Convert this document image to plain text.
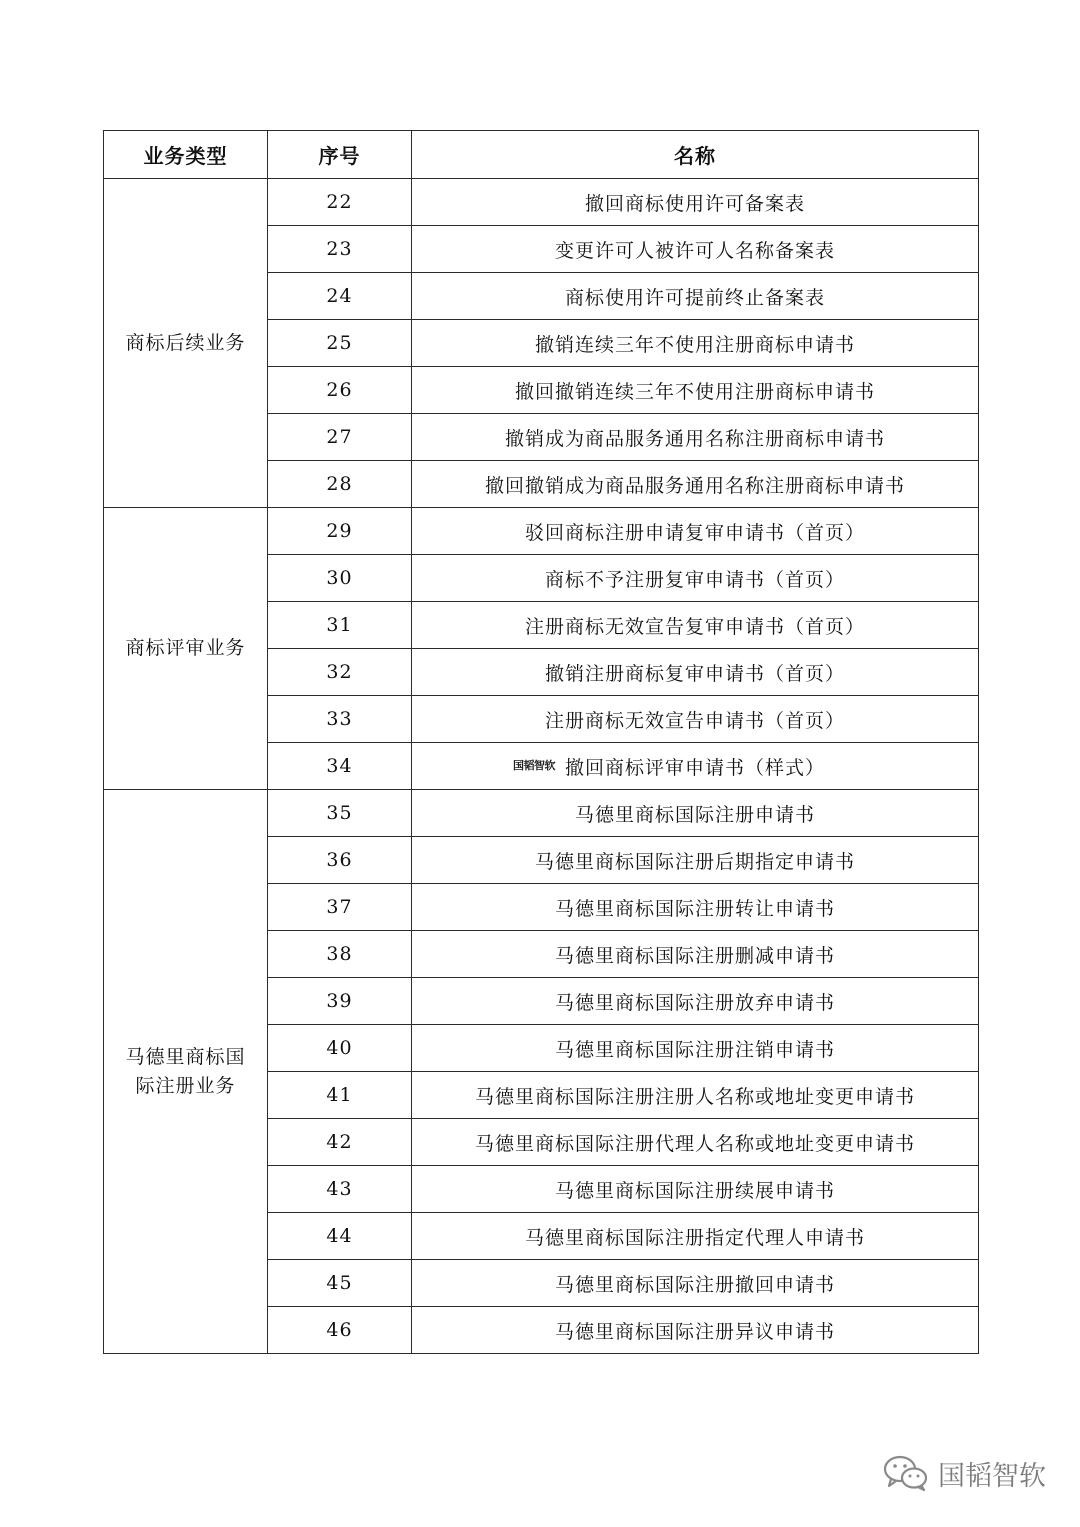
业务类型	序号	名称
商标后续业务	22	撤回商标使用许可备案表
	23	变更许可人被许可人名称备案表
	24	商标使用许可提前终止备案表
	25	撤销连续三年不使用注册商标申请书
	26	撤回撤销连续三年不使用注册商标申请书
	27	撤销成为商品服务通用名称注册商标申请书
	28	撤回撤销成为商品服务通用名称注册商标申请书
商标评审业务	29	驳回商标注册申请复审申请书（首页）
	30	商标不予注册复审申请书（首页）
	31	注册商标无效宣告复审申请书（首页）
	32	撤销注册商标复审申请书（首页）
	33	注册商标无效宣告申请书（首页）
	34	撤回商标评审申请书（样式）
马德里商标国际注册业务	35	马德里商标国际注册申请书
	36	马德里商标国际注册后期指定申请书
	37	马德里商标国际注册转让申请书
	38	马德里商标国际注册删减申请书
	39	马德里商标国际注册放弃申请书
	40	马德里商标国际注册注销申请书
	41	马德里商标国际注册注册人名称或地址变更申请书
	42	马德里商标国际注册代理人名称或地址变更申请书
	43	马德里商标国际注册续展申请书
	44	马德里商标国际注册指定代理人申请书
	45	马德里商标国际注册撤回申请书
	46	马德里商标国际注册异议申请书
国韬智软
国韬智软
